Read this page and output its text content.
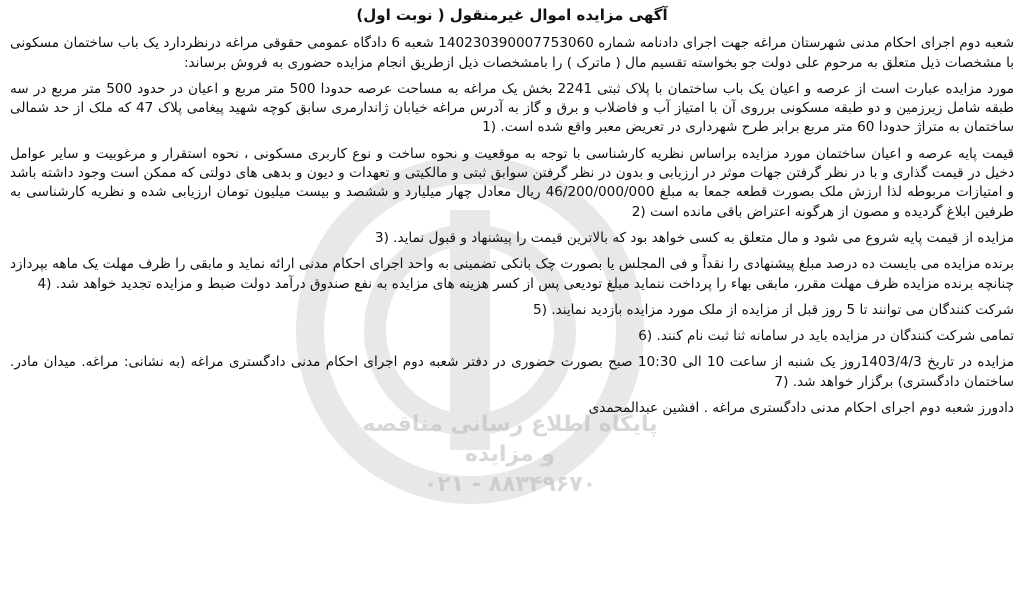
پایگاه اطلاع رسانی مناقصه و مزایده
۰۲۱ - ۸۸۳۴۹۶۷۰
آگهی مزایده اموال غیرمنقول ( نوبت اول)

شعبه دوم اجرای احکام مدنی شهرستان مراغه جهت اجرای دادنامه شماره 140230390007753060 شعبه 6 دادگاه عمومی حقوقی مراغه درنظردارد یک باب ساختمان مسکونی با مشخصات ذیل متعلق به مرحوم علی دولت جو بخواسته تقسیم مال ( ماترک ) را بامشخصات ذیل ازطریق انجام مزایده حضوری به فروش برساند:

مورد مزایده عبارت است از عرصه و اعیان یک باب ساختمان با پلاک ثبتی 2241 بخش یک مراغه به مساحت عرصه حدودا 500 متر مربع و اعیان در حدود 500 متر مربع در سه طبقه شامل زیرزمین و دو طبقه مسکونی برروی آن با امتیاز آب و فاضلاب و برق و گاز به آدرس مراغه خیابان ژاندارمری سابق کوچه شهید پیغامی پلاک 47 که ملک از حد شمالی ساختمان به متراژ حدودا 60 متر مربع برابر طرح شهرداری در تعریض معبر واقع شده است. (1

قیمت پایه عرصه و اعیان ساختمان مورد مزایده براساس نظریه کارشناسی با توجه به موقعیت و نحوه ساخت و نوع کاربری مسکونی ، نحوه استقرار و مرغوبیت و سایر عوامل دخیل در قیمت گذاری و با در نظر گرفتن جهات موثر در ارزیابی و بدون در نظر گرفتن سوابق ثبتی و مالکیتی و تعهدات و دیون و بدهی های دولتی که ممکن است وجود داشته باشد و امتیازات مربوطه لذا ارزش ملک بصورت قطعه جمعا به مبلغ 46/200/000/000 ریال معادل چهار میلیارد و ششصد و بیست میلیون تومان ارزیابی شده و نظریه کارشناسی به طرفین ابلاغ گردیده و مصون از هرگونه اعتراض باقی مانده است (2

مزایده از قیمت پایه شروع می شود و مال متعلق به کسی خواهد بود که بالاترین قیمت را پیشنهاد و قبول نماید. (3

برنده مزایده می بایست ده درصد مبلغ پیشنهادی را نقداً و فی المجلس یا بصورت چک بانکی تضمینی به واحد اجرای احکام مدنی ارائه نماید و مابقی را ظرف مهلت یک ماهه بپردازد چنانچه برنده مزایده ظرف مهلت مقرر، مابقی بهاء را پرداخت ننماید مبلغ تودیعی پس از کسر هزینه های مزایده به نفع صندوق درآمد دولت ضبط و مزایده تجدید خواهد شد. (4

شرکت کنندگان می توانند تا 5 روز قبل از مزایده از ملک مورد مزایده بازدید نمایند. (5

تمامی شرکت کنندگان در مزایده باید در سامانه ثنا ثبت نام کنند. (6

مزایده در تاریخ 1403/4/3روز یک شنبه از ساعت 10 الی 10:30 صبح بصورت حضوری در دفتر شعبه دوم اجرای احکام مدنی دادگستری مراغه (به نشانی: مراغه. میدان مادر. ساختمان دادگستری) برگزار خواهد شد. (7

دادورز شعبه دوم اجرای احکام مدنی دادگستری مراغه . افشین عبدالمحمدی
